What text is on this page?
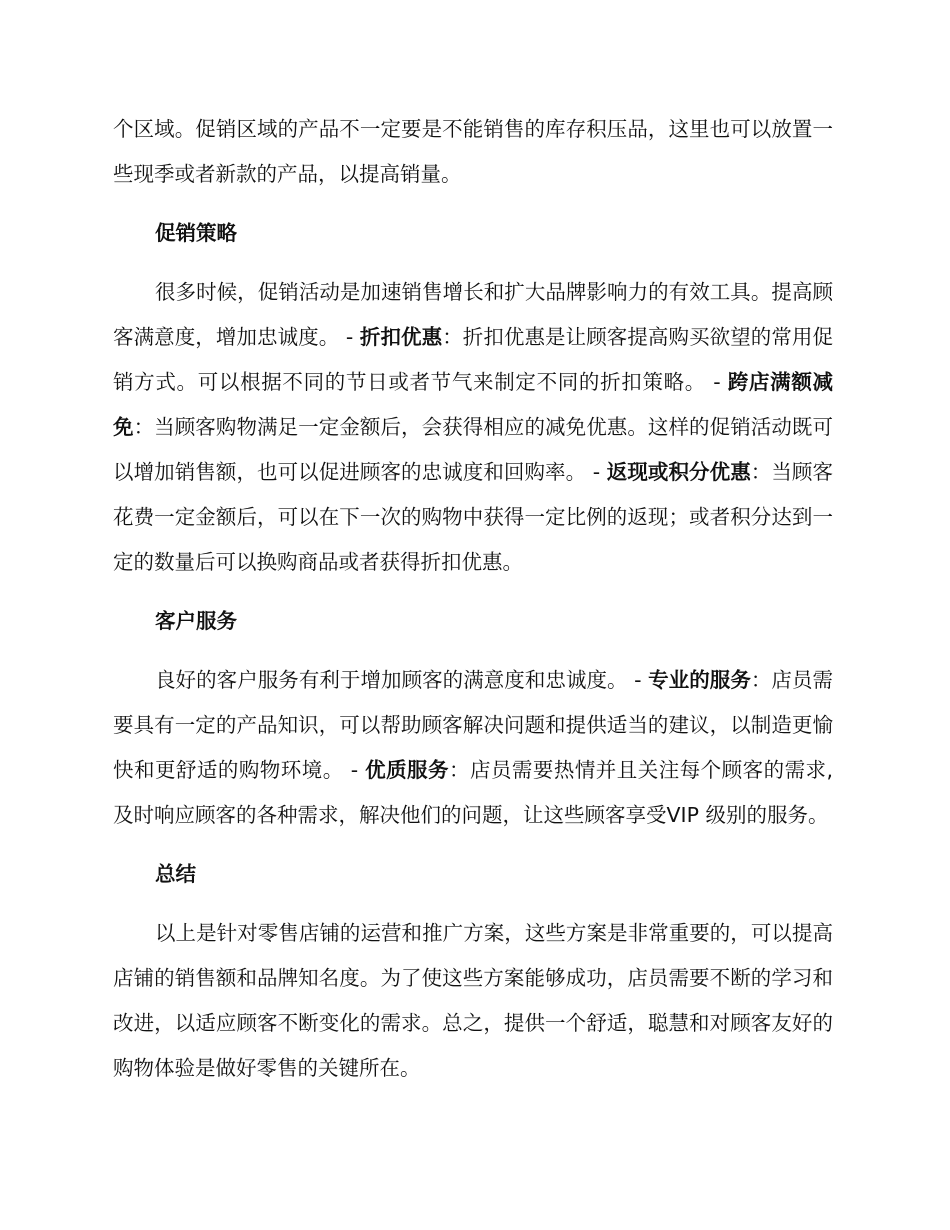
个区域。促销区域的产品不一定要是不能销售的库存积压品，这里也可以放置一些现季或者新款的产品，以提高销量。

促销策略

很多时候，促销活动是加速销售增长和扩大品牌影响力的有效工具。提高顾客满意度，增加忠诚度。 - 折扣优惠：折扣优惠是让顾客提高购买欲望的常用促销方式。可以根据不同的节日或者节气来制定不同的折扣策略。 - 跨店满额减免：当顾客购物满足一定金额后，会获得相应的减免优惠。这样的促销活动既可以增加销售额，也可以促进顾客的忠诚度和回购率。 - 返现或积分优惠：当顾客花费一定金额后，可以在下一次的购物中获得一定比例的返现；或者积分达到一定的数量后可以换购商品或者获得折扣优惠。

客户服务

良好的客户服务有利于增加顾客的满意度和忠诚度。 - 专业的服务：店员需要具有一定的产品知识，可以帮助顾客解决问题和提供适当的建议，以制造更愉快和更舒适的购物环境。 - 优质服务：店员需要热情并且关注每个顾客的需求,及时响应顾客的各种需求，解决他们的问题，让这些顾客享受VIP 级别的服务。

总结

以上是针对零售店铺的运营和推广方案，这些方案是非常重要的，可以提高店铺的销售额和品牌知名度。为了使这些方案能够成功，店员需要不断的学习和改进，以适应顾客不断变化的需求。总之，提供一个舒适，聪慧和对顾客友好的购物体验是做好零售的关键所在。
